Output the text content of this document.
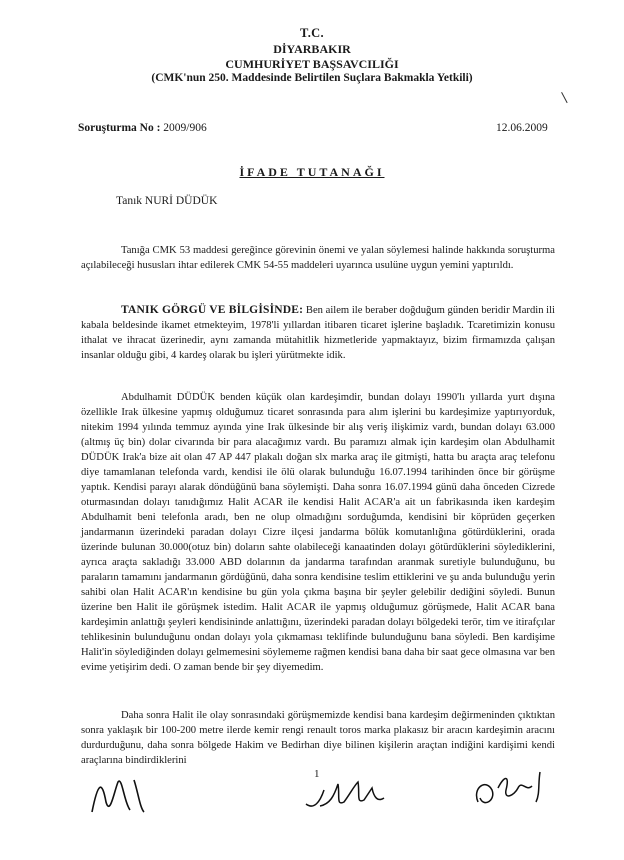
T.C.
DİYARBAKIR
CUMHURİYET BAŞSAVCILIĞI
(CMK'nun 250. Maddesinde Belirtilen Suçlara Bakmakla Yetkili)
Soruşturma No : 2009/906	12.06.2009
İFADE TUTANAĞI
Tanık NURİ DÜDÜK
Tanığa CMK 53 maddesi gereğince görevinin önemi ve yalan söylemesi halinde hakkında soruşturma açılabileceği hususları ihtar edilerek CMK 54-55 maddeleri uyarınca usulüne uygun yemini yaptırıldı.
TANIK GÖRGÜ VE BİLGİSİNDE: Ben ailem ile beraber doğduğum günden beridir Mardin ili kabala beldesinde ikamet etmekteyim, 1978'li yıllardan itibaren ticaret işlerine başladık. Tcaretimizin konusu ithalat ve ihracat üzerinedir, aynı zamanda mütahitlik hizmetleride yapmaktayız, bizim firmamızda çalışan insanlar olduğu gibi, 4 kardeş olarak bu işleri yürütmekte idik.
Abdulhamit DÜDÜK benden küçük olan kardeşimdir, bundan dolayı 1990'lı yıllarda yurt dışına özellikle Irak ülkesine yapmış olduğumuz ticaret sonrasında para alım işlerini bu kardeşimize yaptırıyorduk, nitekim 1994 yılında temmuz ayında yine Irak ülkesinde bir alış veriş ilişkimiz vardı, bundan dolayı 63.000 (altmış üç bin) dolar civarında bir para alacağımız vardı. Bu paramızı almak için kardeşim olan Abdulhamit DÜDÜK Irak'a bize ait olan 47 AP 447 plakalı doğan slx marka araç ile gitmişti, hatta bu araçta araç telefonu diye tamamlanan telefonda vardı, kendisi ile ölü olarak bulunduğu 16.07.1994 tarihinden önce bir görüşme yaptık. Kendisi parayı alarak döndüğünü bana söylemişti. Daha sonra 16.07.1994 günü daha önceden Cizrede oturmasından dolayı tanıdığımız Halit ACAR ile kendisi Halit ACAR'a ait un fabrikasında iken kardeşim Abdulhamit beni telefonla aradı, ben ne olup olmadığını sorduğumda, kendisini bir köprüden geçerken jandarmanın üzerindeki paradan dolayı Cizre ilçesi jandarma bölük komutanlığına götürdüklerini, orada üzerinde bulunan 30.000(otuz bin) doların sahte olabileceği kanaatinden dolayı götürdüklerini söylediklerini, ayrıca araçta sakladığı 33.000 ABD dolarının da jandarma tarafından aranmak suretiyle bulunduğunu, bu paraların tamamını jandarmanın gördüğünü, daha sonra kendisine teslim ettiklerini ve şu anda bulunduğu yerin sahibi olan Halit ACAR'ın kendisine bu gün yola çıkma başına bir şeyler gelebilir dediğini söyledi. Bunun üzerine ben Halit ile görüşmek istedim. Halit ACAR ile yapmış olduğumuz görüşmede, Halit ACAR bana kardeşimin anlattığı şeyleri kendisininde anlattığını, üzerindeki paradan dolayı bölgedeki terör, tim ve itirafçılar tehlikesinin bulunduğunu ondan dolayı yola çıkmaması teklifinde bulunduğunu bana söyledi. Ben kardişime Halit'in söylediğinden dolayı gelmemesini söylememe rağmen kendisi bana daha bir saat gece olmasına var ben evime yetişirim dedi. O zaman bende bir şey diyemedim.
Daha sonra Halit ile olay sonrasındaki görüşmemizde kendisi bana kardeşim değirmeninden çıktıktan sonra yaklaşık bir 100-200 metre ilerde kemir rengi renault toros marka plakasız bir aracın kardeşimin aracını durdurduğunu, daha sonra bölgede Hakim ve Bedirhan diye bilinen kişilerin araçtan indiğini kardişimi kendi araçlarına bindirdiklerini
1
